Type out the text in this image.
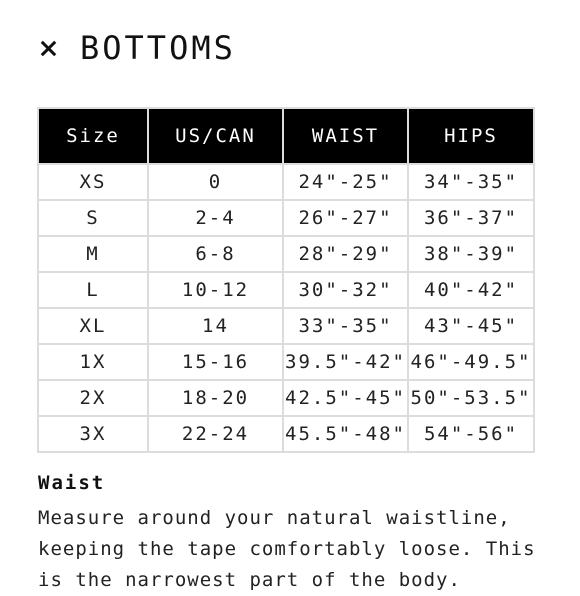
BOTTOMS
Size	US/CAN	WAIST	HIPS
XS	0	24"-25"	34"-35"
S	2-4	26"-27"	36"-37"
M	6-8	28"-29"	38"-39"
L	10-12	30"-32"	40"-42"
XL	14	33"-35"	43"-45"
1X	15-16	39.5"-42"	46"-49.5"
2X	18-20	42.5"-45"	50"-53.5"
3X	22-24	45.5"-48"	54"-56"
Waist
Measure around your natural waistline, keeping the tape comfortably loose. This is the narrowest part of the body.
